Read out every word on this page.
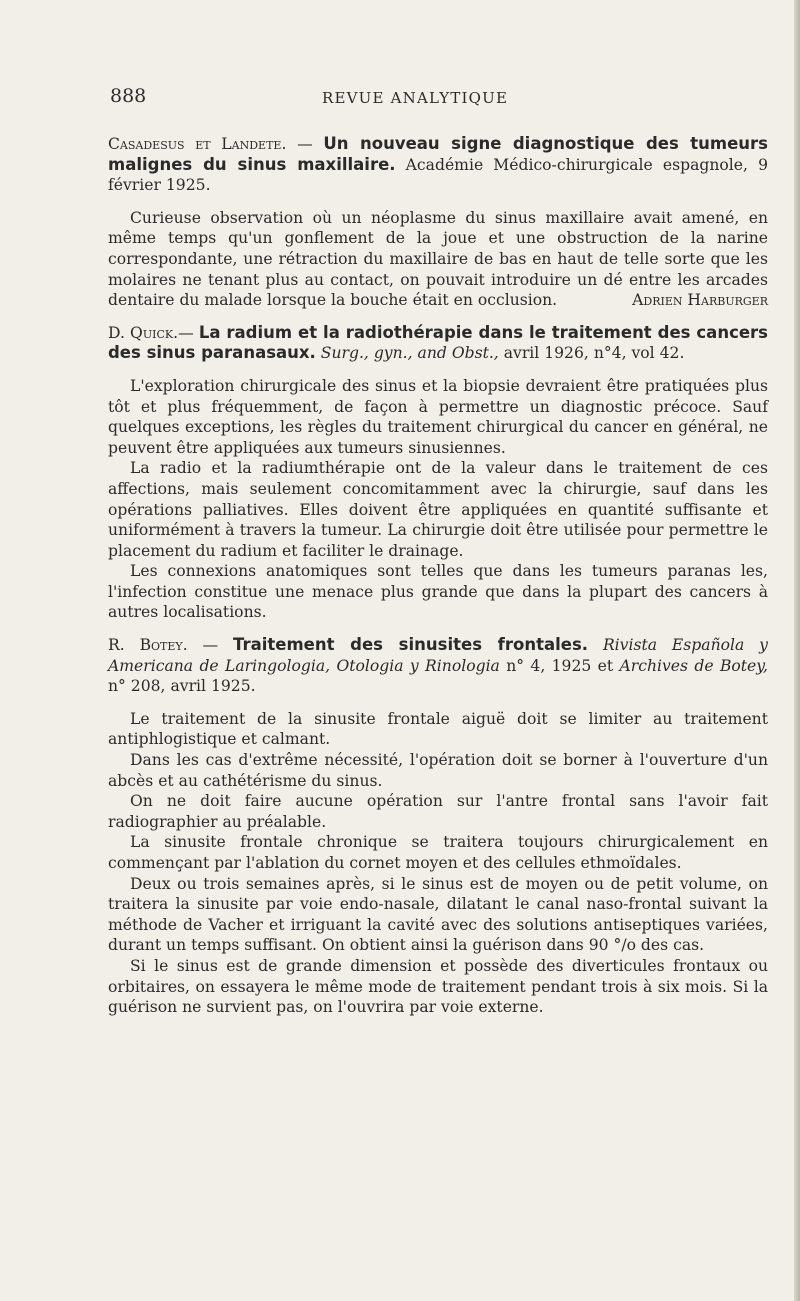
888	REVUE ANALYTIQUE

Casadesus et Landete. — Un nouveau signe diagnostique des tumeurs malignes du sinus maxillaire. Académie Médico-chirurgicale espagnole, 9 février 1925.

Curieuse observation où un néoplasme du sinus maxillaire avait amené, en même temps qu'un gonflement de la joue et une obstruction de la narine correspondante, une rétraction du maxillaire de bas en haut de telle sorte que les molaires ne tenant plus au contact, on pouvait introduire un dé entre les arcades dentaire du malade lorsque la bouche était en occlusion.	Adrien Harburger

D. Quick.— La radium et la radiothérapie dans le traitement des cancers des sinus paranasaux. Surg., gyn., and Obst., avril 1926, n°4, vol 42.

L'exploration chirurgicale des sinus et la biopsie devraient être pratiquées plus tôt et plus fréquemment, de façon à permettre un diagnostic précoce. Sauf quelques exceptions, les règles du traitement chirurgical du cancer en général, ne peuvent être appliquées aux tumeurs sinusiennes.

La radio et la radiumthérapie ont de la valeur dans le traitement de ces affections, mais seulement concomitamment avec la chirurgie, sauf dans les opérations palliatives. Elles doivent être appliquées en quantité suffisante et uniformément à travers la tumeur. La chirurgie doit être utilisée pour permettre le placement du radium et faciliter le drainage.

Les connexions anatomiques sont telles que dans les tumeurs paranas les, l'infection constitue une menace plus grande que dans la plupart des cancers à autres localisations.

R. Botey. — Traitement des sinusites frontales. Rivista Española y Americana de Laringologia, Otologia y Rinologia n° 4, 1925 et Archives de Botey, n° 208, avril 1925.

Le traitement de la sinusite frontale aiguë doit se limiter au traitement antiphlogistique et calmant.

Dans les cas d'extrême nécessité, l'opération doit se borner à l'ouverture d'un abcès et au cathétérisme du sinus.

On ne doit faire aucune opération sur l'antre frontal sans l'avoir fait radiographier au préalable.

La sinusite frontale chronique se traitera toujours chirurgicalement en commençant par l'ablation du cornet moyen et des cellules ethmoïdales.

Deux ou trois semaines après, si le sinus est de moyen ou de petit volume, on traitera la sinusite par voie endo-nasale, dilatant le canal naso-frontal suivant la méthode de Vacher et irriguant la cavité avec des solutions antiseptiques variées, durant un temps suffisant. On obtient ainsi la guérison dans 90 °/o des cas.

Si le sinus est de grande dimension et possède des diverticules frontaux ou orbitaires, on essayera le même mode de traitement pendant trois à six mois. Si la guérison ne survient pas, on l'ouvrira par voie externe.
